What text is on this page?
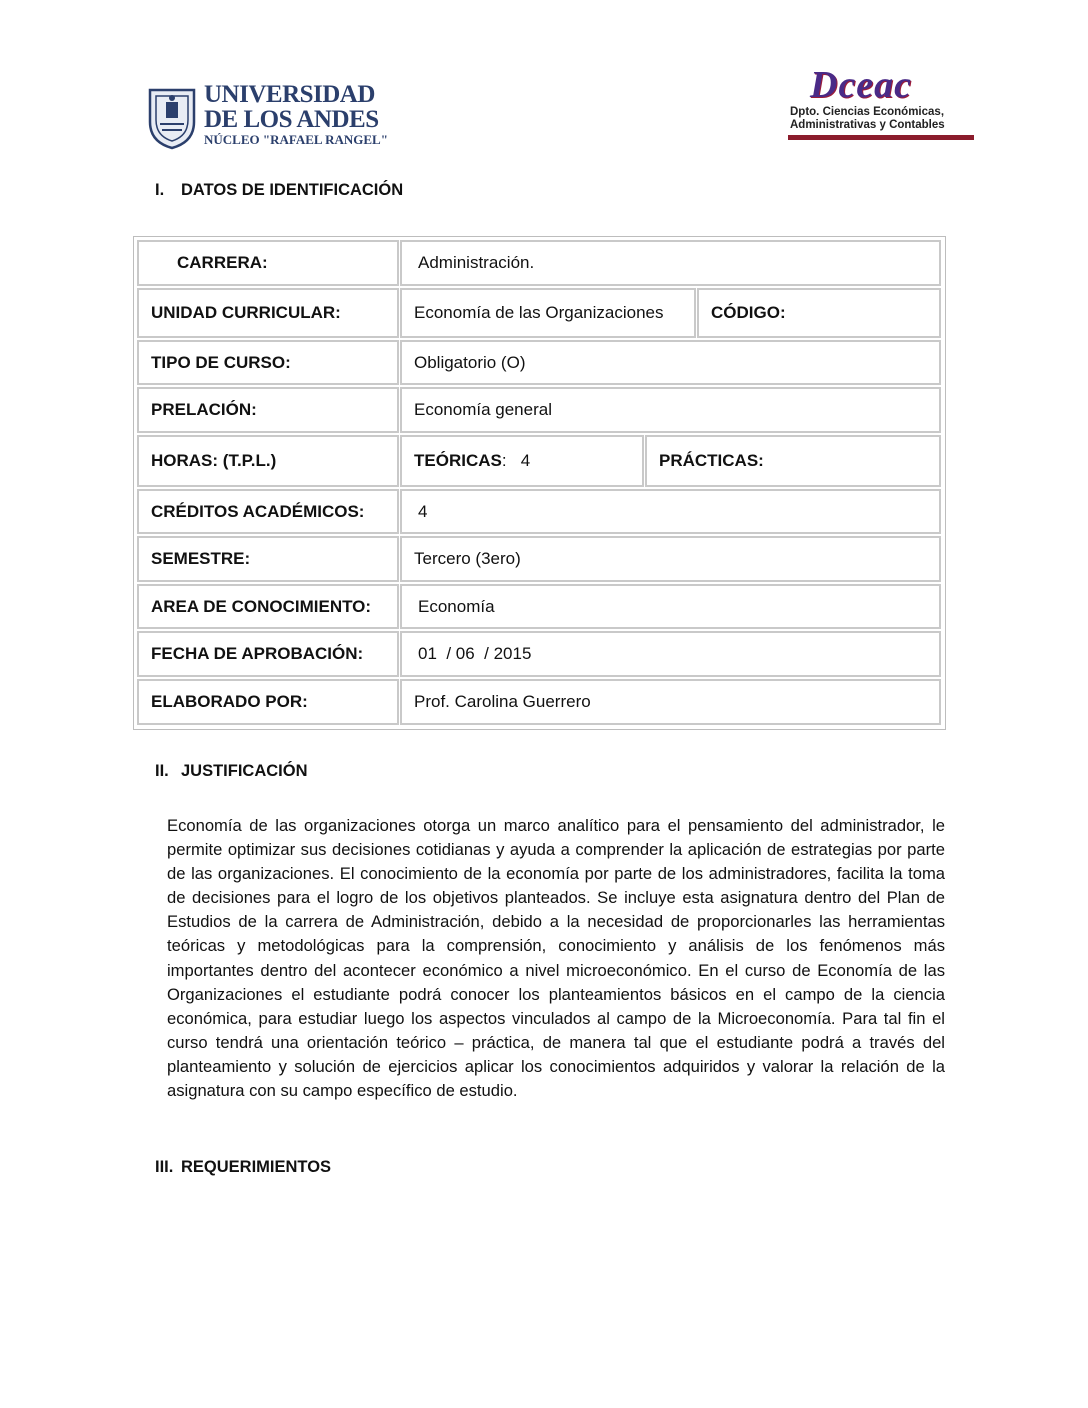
UNIVERSIDAD
DE LOS ANDES
NÚCLEO "RAFAEL RANGEL"
Dceac
Dpto. Ciencias Económicas,
Administrativas y Contables
I. DATOS DE IDENTIFICACIÓN
CARRERA:	Administración.
UNIDAD CURRICULAR:	Economía de las Organizaciones	CÓDIGO:
TIPO DE CURSO:	Obligatorio (O)
PRELACIÓN:	Economía general
HORAS: (T.P.L.)	TEÓRICAS :   4	PRÁCTICAS:
CRÉDITOS ACADÉMICOS:	4
SEMESTRE:	Tercero (3ero)
AREA DE CONOCIMIENTO:	Economía
FECHA DE APROBACIÓN:	01  / 06  / 2015
ELABORADO POR:	Prof. Carolina Guerrero
II. JUSTIFICACIÓN

Economía de las organizaciones otorga un marco analítico para el pensamiento del administrador, le permite optimizar sus decisiones cotidianas y ayuda a comprender la aplicación de estrategias por parte de las organizaciones. El conocimiento de la economía por parte de los administradores, facilita la toma de decisiones para el logro de los objetivos planteados. Se incluye esta asignatura dentro del Plan de Estudios de la carrera de Administración, debido a la necesidad de proporcionarles las herramientas teóricas y metodológicas para la comprensión, conocimiento y análisis de los fenómenos más importantes dentro del acontecer económico a nivel microeconómico. En el curso de Economía de las Organizaciones el estudiante podrá conocer los planteamientos básicos en el campo de la ciencia económica, para estudiar luego los aspectos vinculados al campo de la Microeconomía. Para tal fin el curso tendrá una orientación teórico – práctica, de manera tal que el estudiante podrá a través del planteamiento y solución de ejercicios aplicar los conocimientos adquiridos y valorar la relación de la asignatura con su campo específico de estudio.

III. REQUERIMIENTOS
